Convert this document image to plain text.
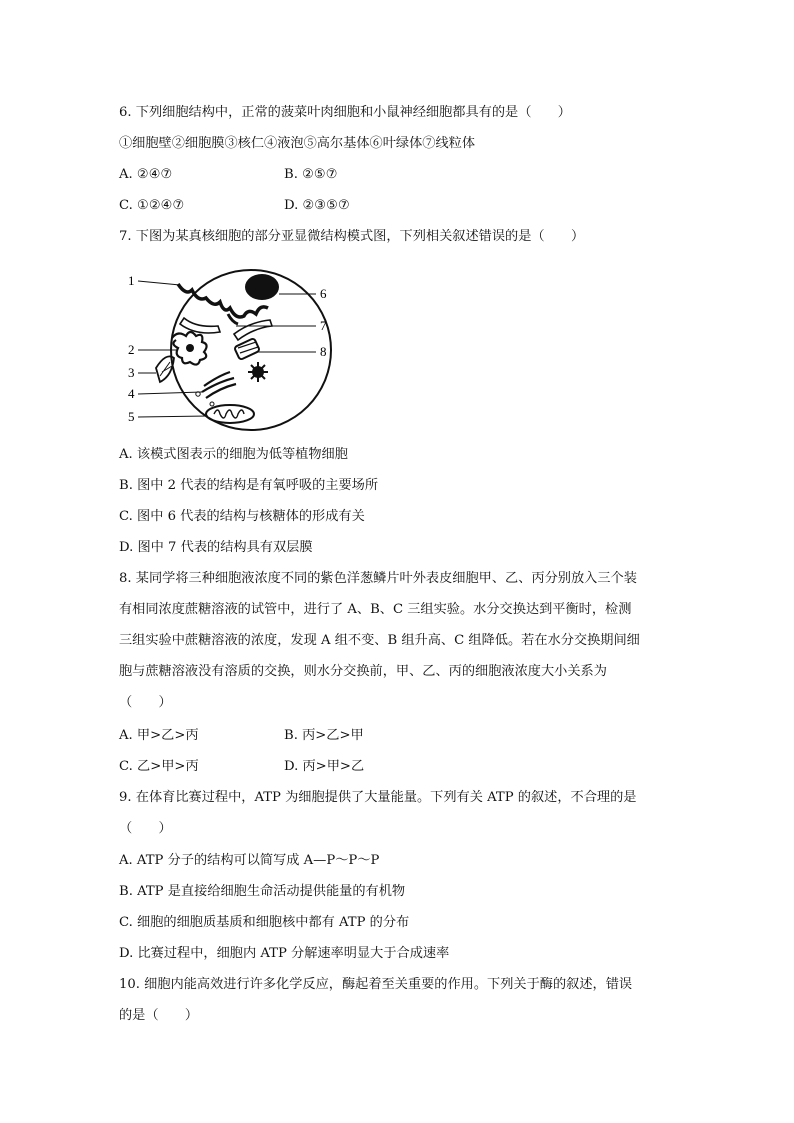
6. 下列细胞结构中，正常的菠菜叶肉细胞和小鼠神经细胞都具有的是（　　）
①细胞壁②细胞膜③核仁④液泡⑤高尔基体⑥叶绿体⑦线粒体
A. ②④⑦	B. ②⑤⑦
C. ①②④⑦	D. ②③⑤⑦
7. 下图为某真核细胞的部分亚显微结构模式图，下列相关叙述错误的是（　　）
1
2
3
4
5
6
7
8
A. 该模式图表示的细胞为低等植物细胞
B. 图中 2 代表的结构是有氧呼吸的主要场所
C. 图中 6 代表的结构与核糖体的形成有关
D. 图中 7 代表的结构具有双层膜
8. 某同学将三种细胞液浓度不同的紫色洋葱鳞片叶外表皮细胞甲、乙、丙分别放入三个装
有相同浓度蔗糖溶液的试管中，进行了 A、B、C 三组实验。水分交换达到平衡时，检测
三组实验中蔗糖溶液的浓度，发现 A 组不变、B 组升高、C 组降低。若在水分交换期间细
胞与蔗糖溶液没有溶质的交换，则水分交换前，甲、乙、丙的细胞液浓度大小关系为
（　　）
A. 甲>乙>丙	B. 丙>乙>甲
C. 乙>甲>丙	D. 丙>甲>乙
9. 在体育比赛过程中，ATP 为细胞提供了大量能量。下列有关 ATP 的叙述，不合理的是
（　　）
A. ATP 分子的结构可以简写成 A—P～P～P
B. ATP 是直接给细胞生命活动提供能量的有机物
C. 细胞的细胞质基质和细胞核中都有 ATP 的分布
D. 比赛过程中，细胞内 ATP 分解速率明显大于合成速率
10. 细胞内能高效进行许多化学反应，酶起着至关重要的作用。下列关于酶的叙述，错误
的是（　　）
